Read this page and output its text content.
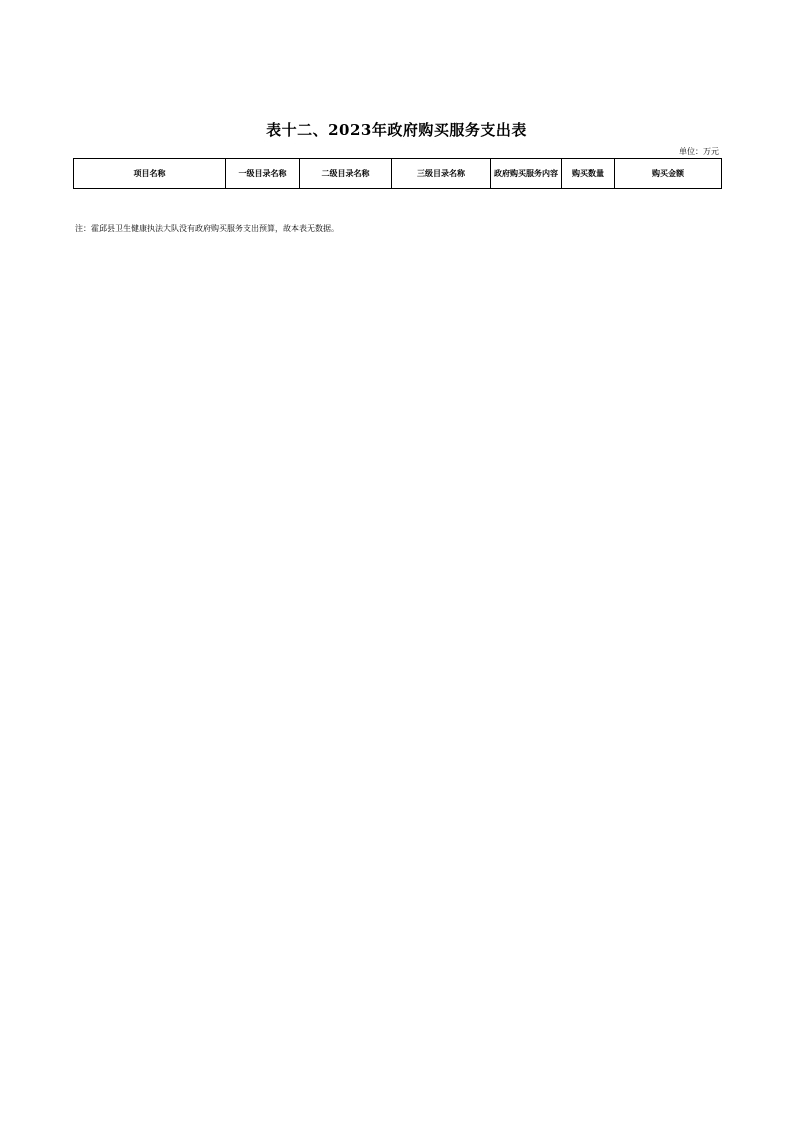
表十二、2023年政府购买服务支出表
单位：万元
项目名称	一级目录名称	二级目录名称	三级目录名称	政府购买服务内容	购买数量	购买金额
注：霍邱县卫生健康执法大队没有政府购买服务支出预算，故本表无数据。
